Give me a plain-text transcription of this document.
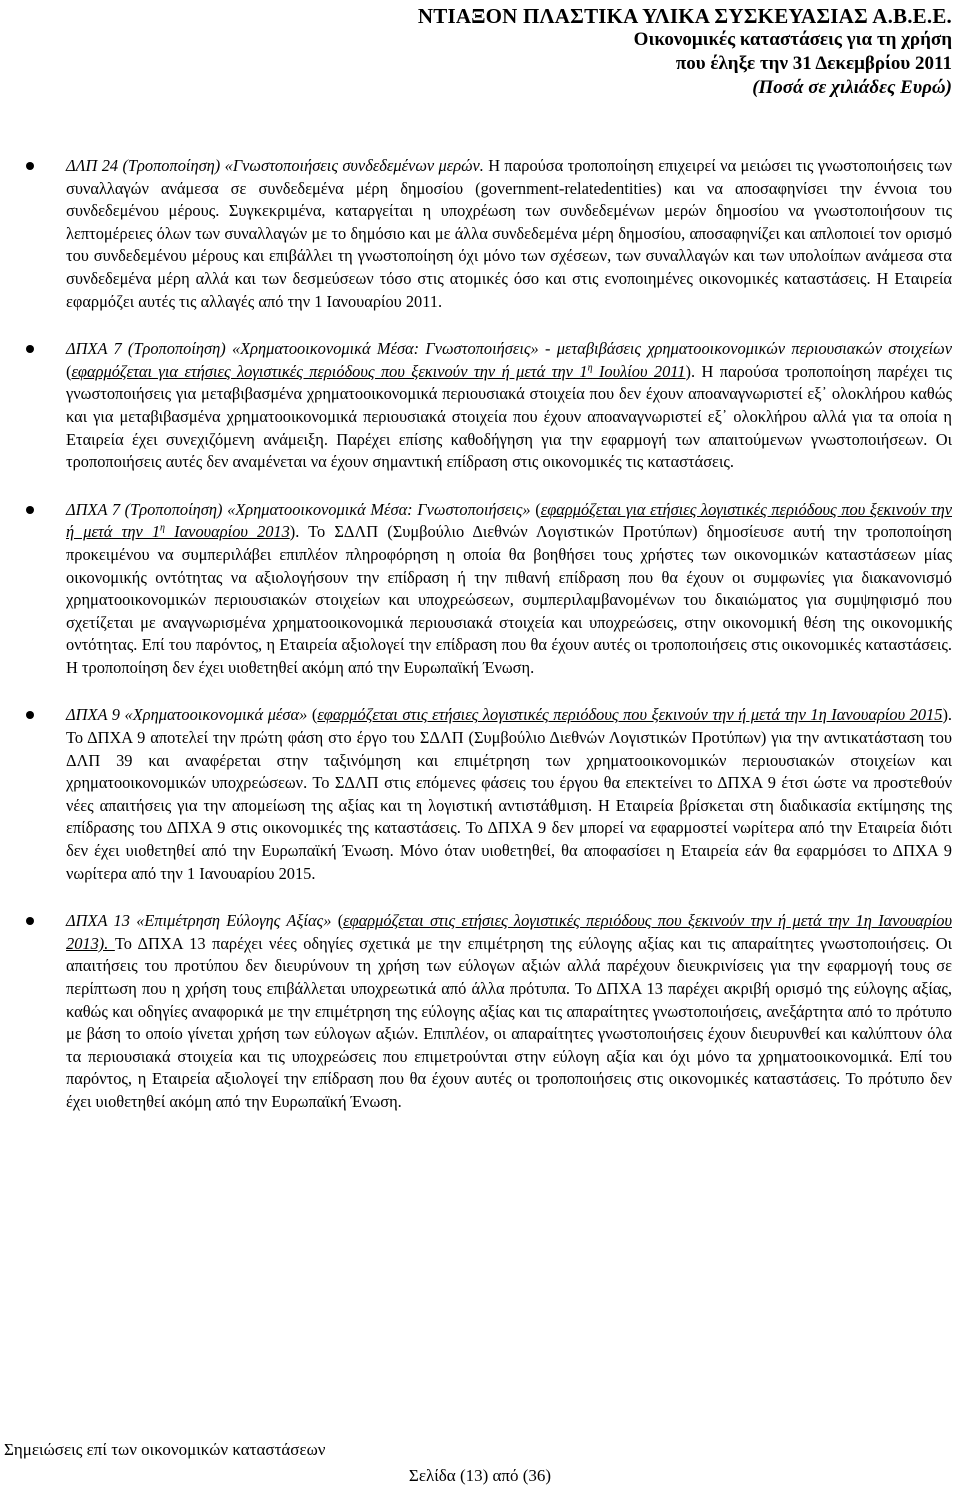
ΝΤΙΑΞΟΝ ΠΛΑΣΤΙΚΑ ΥΛΙΚΑ ΣΥΣΚΕΥΑΣΙΑΣ Α.Β.Ε.Ε.
Οικονομικές καταστάσεις για τη χρήση
που έληξε την 31 Δεκεμβρίου 2011
(Ποσά σε χιλιάδες Ευρώ)

ΔΛΠ 24 (Τροποποίηση) «Γνωστοποιήσεις συνδεδεμένων μερών. Η παρούσα τροποποίηση επιχειρεί να μειώσει τις γνωστοποιήσεις των συναλλαγών ανάμεσα σε συνδεδεμένα μέρη δημοσίου (government-relatedentities) και να αποσαφηνίσει την έννοια του συνδεδεμένου μέρους. Συγκεκριμένα, καταργείται η υποχρέωση των συνδεδεμένων μερών δημοσίου να γνωστοποιήσουν τις λεπτομέρειες όλων των συναλλαγών με το δημόσιο και με άλλα συνδεδεμένα μέρη δημοσίου, αποσαφηνίζει και απλοποιεί τον ορισμό του συνδεδεμένου μέρους και επιβάλλει τη γνωστοποίηση όχι μόνο των σχέσεων, των συναλλαγών και των υπολοίπων ανάμεσα στα συνδεδεμένα μέρη αλλά και των δεσμεύσεων τόσο στις ατομικές όσο και στις ενοποιημένες οικονομικές καταστάσεις. Η Εταιρεία εφαρμόζει αυτές τις αλλαγές από την 1 Ιανουαρίου 2011.

ΔΠΧΑ 7 (Τροποποίηση) «Χρηματοοικονομικά Μέσα: Γνωστοποιήσεις» - μεταβιβάσεις χρηματοοικονομικών περιουσιακών στοιχείων (εφαρμόζεται για ετήσιες λογιστικές περιόδους που ξεκινούν την ή μετά την $1^\eta$ Ιουλίου 2011). Η παρούσα τροποποίηση παρέχει τις γνωστοποιήσεις για μεταβιβασμένα χρηματοοικονομικά περιουσιακά στοιχεία που δεν έχουν αποαναγνωριστεί εξ᾽ ολοκλήρου καθώς και για μεταβιβασμένα χρηματοοικονομικά περιουσιακά στοιχεία που έχουν αποαναγνωριστεί εξ᾽ ολοκλήρου αλλά για τα οποία η Εταιρεία έχει συνεχιζόμενη ανάμειξη. Παρέχει επίσης καθοδήγηση για την εφαρμογή των απαιτούμενων γνωστοποιήσεων. Οι τροποποιήσεις αυτές δεν αναμένεται να έχουν σημαντική επίδραση στις οικονομικές τις καταστάσεις.

ΔΠΧΑ 7 (Τροποποίηση) «Χρηματοοικονομικά Μέσα: Γνωστοποιήσεις» (εφαρμόζεται για ετήσιες λογιστικές περιόδους που ξεκινούν την ή μετά την $1^\eta$ Ιανουαρίου 2013). Το ΣΔΛΠ (Συμβούλιο Διεθνών Λογιστικών Προτύπων) δημοσίευσε αυτή την τροποποίηση προκειμένου να συμπεριλάβει επιπλέον πληροφόρηση η οποία θα βοηθήσει τους χρήστες των οικονομικών καταστάσεων μίας οικονομικής οντότητας να αξιολογήσουν την επίδραση ή την πιθανή επίδραση που θα έχουν οι συμφωνίες για διακανονισμό χρηματοοικονομικών περιουσιακών στοιχείων και υποχρεώσεων, συμπεριλαμβανομένων του δικαιώματος για συμψηφισμό που σχετίζεται με αναγνωρισμένα χρηματοοικονομικά περιουσιακά στοιχεία και υποχρεώσεις, στην οικονομική θέση της οικονομικής οντότητας. Επί του παρόντος, η Εταιρεία αξιολογεί την επίδραση που θα έχουν αυτές οι τροποποιήσεις στις οικονομικές καταστάσεις. Η τροποποίηση δεν έχει υιοθετηθεί ακόμη από την Ευρωπαϊκή Ένωση.

ΔΠΧΑ 9 «Χρηματοοικονομικά μέσα» (εφαρμόζεται στις ετήσιες λογιστικές περιόδους που ξεκινούν την ή μετά την 1η Ιανουαρίου 2015). Το ΔΠΧΑ 9 αποτελεί την πρώτη φάση στο έργο του ΣΔΛΠ (Συμβούλιο Διεθνών Λογιστικών Προτύπων) για την αντικατάσταση του ΔΛΠ 39 και αναφέρεται στην ταξινόμηση και επιμέτρηση των χρηματοοικονομικών περιουσιακών στοιχείων και χρηματοοικονομικών υποχρεώσεων. Το ΣΔΛΠ στις επόμενες φάσεις του έργου θα επεκτείνει το ΔΠΧΑ 9 έτσι ώστε να προστεθούν νέες απαιτήσεις για την απομείωση της αξίας και τη λογιστική αντιστάθμιση. Η Εταιρεία βρίσκεται στη διαδικασία εκτίμησης της επίδρασης του ΔΠΧΑ 9 στις οικονομικές της καταστάσεις. Το ΔΠΧΑ 9 δεν μπορεί να εφαρμοστεί νωρίτερα από την Εταιρεία διότι δεν έχει υιοθετηθεί από την Ευρωπαϊκή Ένωση. Μόνο όταν υιοθετηθεί, θα αποφασίσει η Εταιρεία εάν θα εφαρμόσει το ΔΠΧΑ 9 νωρίτερα από την 1 Ιανουαρίου 2015.

ΔΠΧΑ 13 «Επιμέτρηση Εύλογης Αξίας» (εφαρμόζεται στις ετήσιες λογιστικές περιόδους που ξεκινούν την ή μετά την 1η Ιανουαρίου 2013). Το ΔΠΧΑ 13 παρέχει νέες οδηγίες σχετικά με την επιμέτρηση της εύλογης αξίας και τις απαραίτητες γνωστοποιήσεις. Οι απαιτήσεις του προτύπου δεν διευρύνουν τη χρήση των εύλογων αξιών αλλά παρέχουν διευκρινίσεις για την εφαρμογή τους σε περίπτωση που η χρήση τους επιβάλλεται υποχρεωτικά από άλλα πρότυπα. Το ΔΠΧΑ 13 παρέχει ακριβή ορισμό της εύλογης αξίας, καθώς και οδηγίες αναφορικά με την επιμέτρηση της εύλογης αξίας και τις απαραίτητες γνωστοποιήσεις, ανεξάρτητα από το πρότυπο με βάση το οποίο γίνεται χρήση των εύλογων αξιών. Επιπλέον, οι απαραίτητες γνωστοποιήσεις έχουν διευρυνθεί και καλύπτουν όλα τα περιουσιακά στοιχεία και τις υποχρεώσεις που επιμετρούνται στην εύλογη αξία και όχι μόνο τα χρηματοοικονομικά. Επί του παρόντος, η Εταιρεία αξιολογεί την επίδραση που θα έχουν αυτές οι τροποποιήσεις στις οικονομικές καταστάσεις. Το πρότυπο δεν έχει υιοθετηθεί ακόμη από την Ευρωπαϊκή Ένωση.

Σημειώσεις επί των οικονομικών καταστάσεων
Σελίδα (13) από (36)
